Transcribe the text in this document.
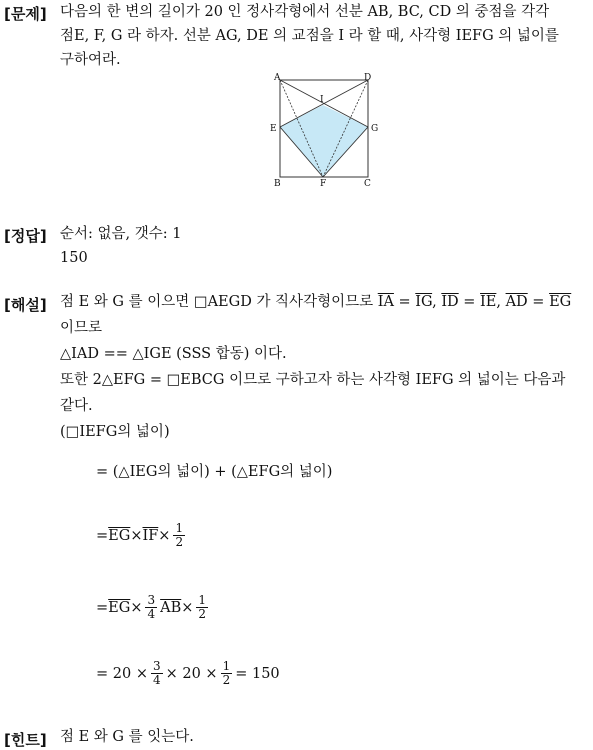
[문제] 다음의 한 변의 길이가 20 인 정사각형에서 선분 AB, BC, CD 의 중점을 각각
점E, F, G 라 하자. 선분 AG, DE 의 교점을 I 라 할 때, 사각형 IEFG 의 넓이를
구하여라.
A	D
I
E	G
B	F	C
[정답] 순서: 없음, 갯수: 1
150
[해설] 점 E 와 G 를 이으면 □AEGD 가 직사각형이므로 $\overline{IA} = \overline{IG}$, $\overline{ID} = \overline{IE}$, $\overline{AD} = \overline{EG}$
이므로
△IAD == △IGE (SSS 합동) 이다.
또한 2△EFG = □EBCG 이므로 구하고자 하는 사각형 IEFG 의 넓이는 다음과
같다.
(□IEFG의 넓이)
= (△IEG의 넓이) + (△EFG의 넓이)
= $\overline{EG} \times \overline{IF} \times \frac{1}{2}$
= $\overline{EG} \times \frac{3}{4} \overline{AB} \times \frac{1}{2}$
= $20 \times \frac{3}{4} \times 20 \times \frac{1}{2} = 150$
[힌트] 점 E 와 G 를 잇는다.
